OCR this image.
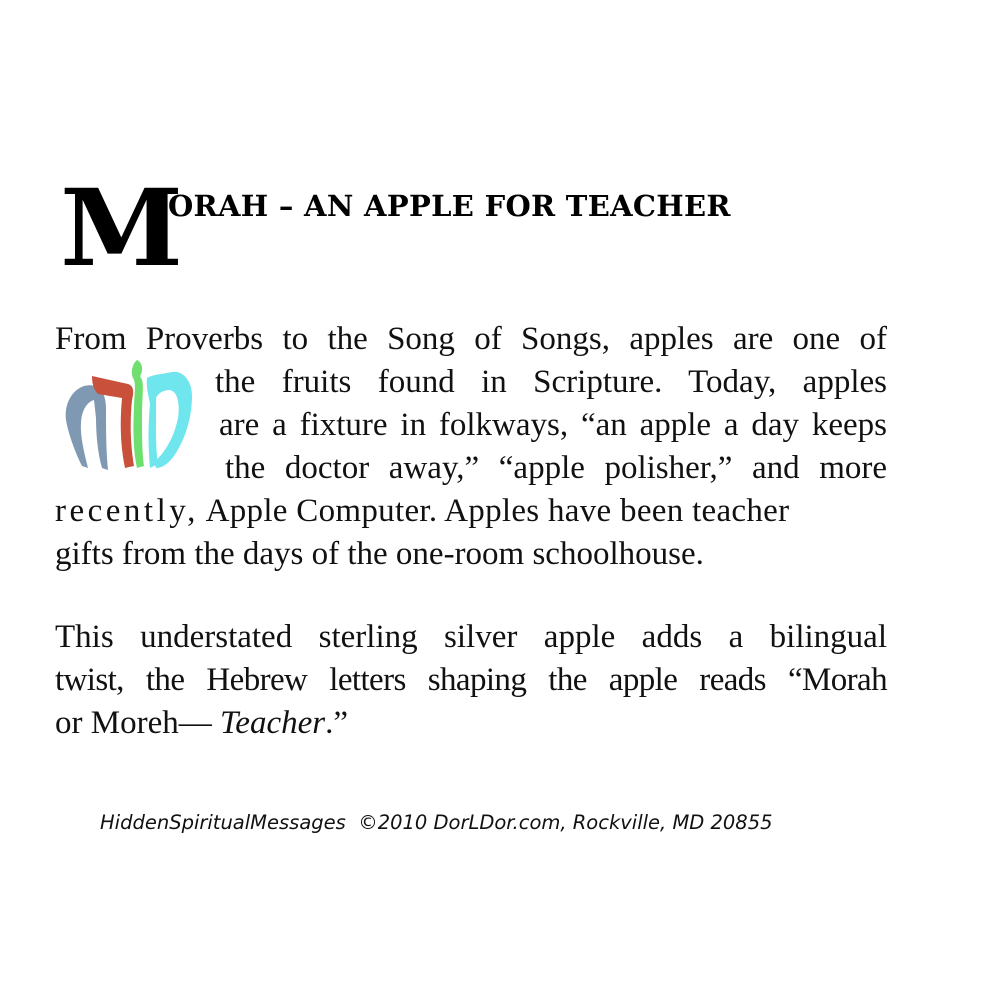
M
ORAH – AN APPLE FOR TEACHER
From Proverbs to the Song of Songs, apples are one of
the fruits found in Scripture. Today, apples
are a fixture in folkways, “an apple a day keeps
the doctor away,” “apple polisher,” and more
recently, Apple Computer. Apples have been teacher
gifts from the days of the one-room schoolhouse.
This understated sterling silver apple adds a bilingual
twist, the Hebrew letters shaping the apple reads “Morah
or Moreh— Teacher.”
HiddenSpiritualMessages  ©2010 DorLDor.com, Rockville, MD 20855
